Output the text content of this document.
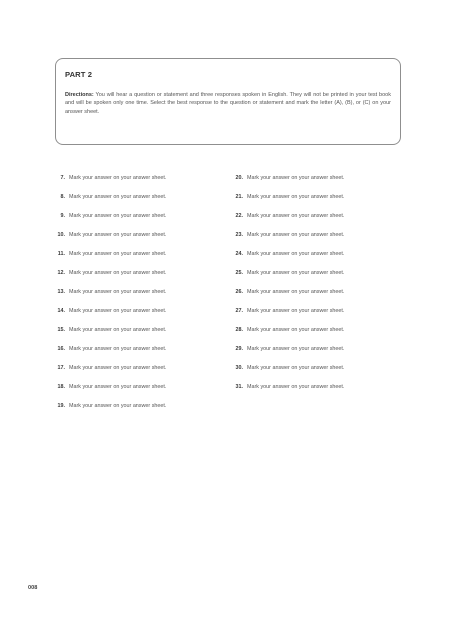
PART 2
Directions: You will hear a question or statement and three responses spoken in English. They will not be printed in your test book and will be spoken only one time. Select the best response to the question or statement and mark the letter (A), (B), or (C) on your answer sheet.
7. Mark your answer on your answer sheet.
8. Mark your answer on your answer sheet.
9. Mark your answer on your answer sheet.
10. Mark your answer on your answer sheet.
11. Mark your answer on your answer sheet.
12. Mark your answer on your answer sheet.
13. Mark your answer on your answer sheet.
14. Mark your answer on your answer sheet.
15. Mark your answer on your answer sheet.
16. Mark your answer on your answer sheet.
17. Mark your answer on your answer sheet.
18. Mark your answer on your answer sheet.
19. Mark your answer on your answer sheet.
20. Mark your answer on your answer sheet.
21. Mark your answer on your answer sheet.
22. Mark your answer on your answer sheet.
23. Mark your answer on your answer sheet.
24. Mark your answer on your answer sheet.
25. Mark your answer on your answer sheet.
26. Mark your answer on your answer sheet.
27. Mark your answer on your answer sheet.
28. Mark your answer on your answer sheet.
29. Mark your answer on your answer sheet.
30. Mark your answer on your answer sheet.
31. Mark your answer on your answer sheet.
008
